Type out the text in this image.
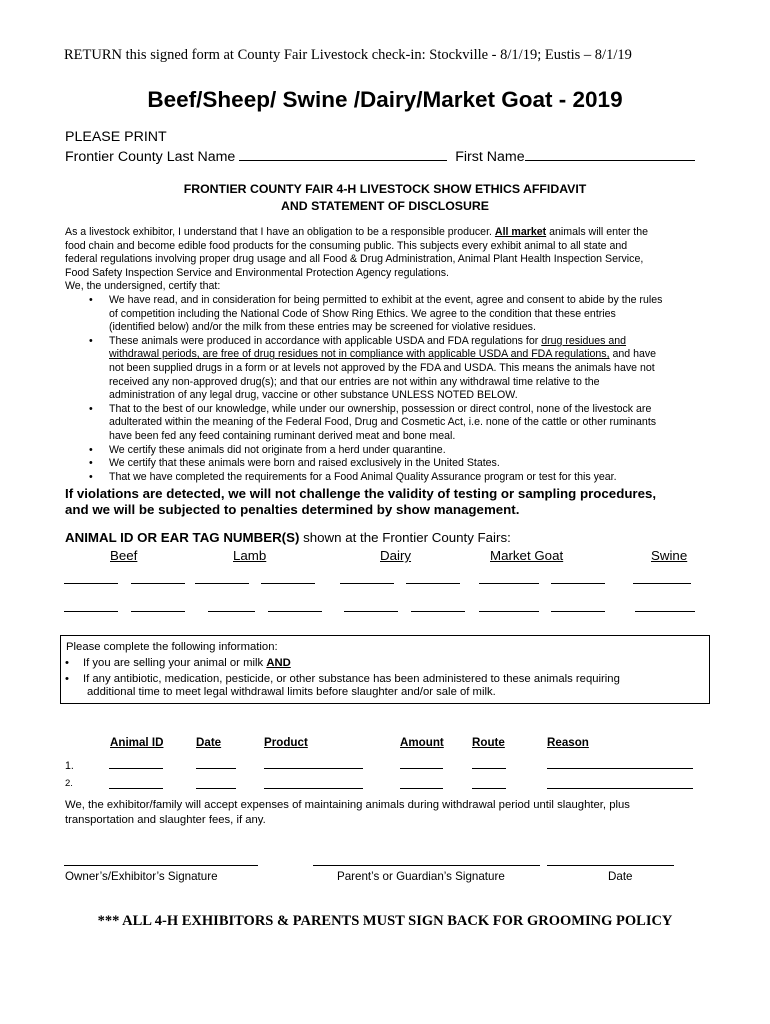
RETURN this signed form at County Fair Livestock check-in: Stockville - 8/1/19; Eustis – 8/1/19
Beef/Sheep/ Swine /Dairy/Market Goat - 2019
PLEASE PRINT
Frontier County Last Name	First Name
FRONTIER COUNTY FAIR 4-H LIVESTOCK SHOW ETHICS AFFIDAVIT
AND STATEMENT OF DISCLOSURE
As a livestock exhibitor, I understand that I have an obligation to be a responsible producer. All market animals will enter the
food chain and become edible food products for the consuming public. This subjects every exhibit animal to all state and
federal regulations involving proper drug usage and all Food & Drug Administration, Animal Plant Health Inspection Service,
Food Safety Inspection Service and Environmental Protection Agency regulations.
We, the undersigned, certify that:
• We have read, and in consideration for being permitted to exhibit at the event, agree and consent to abide by the rules
of competition including the National Code of Show Ring Ethics. We agree to the condition that these entries
(identified below) and/or the milk from these entries may be screened for violative residues.
• These animals were produced in accordance with applicable USDA and FDA regulations for drug residues and
withdrawal periods, are free of drug residues not in compliance with applicable USDA and FDA regulations, and have
not been supplied drugs in a form or at levels not approved by the FDA and USDA. This means the animals have not
received any non-approved drug(s); and that our entries are not within any withdrawal time relative to the
administration of any legal drug, vaccine or other substance UNLESS NOTED BELOW.
• That to the best of our knowledge, while under our ownership, possession or direct control, none of the livestock are
adulterated within the meaning of the Federal Food, Drug and Cosmetic Act, i.e. none of the cattle or other ruminants
have been fed any feed containing ruminant derived meat and bone meal.
• We certify these animals did not originate from a herd under quarantine.
• We certify that these animals were born and raised exclusively in the United States.
• That we have completed the requirements for a Food Animal Quality Assurance program or test for this year.
If violations are detected, we will not challenge the validity of testing or sampling procedures,
and we will be subjected to penalties determined by show management.
ANIMAL ID OR EAR TAG NUMBER(S) shown at the Frontier County Fairs:
Beef	Lamb	Dairy	Market Goat	Swine
Please complete the following information:
• If you are selling your animal or milk AND
• If any antibiotic, medication, pesticide, or other substance has been administered to these animals requiring
additional time to meet legal withdrawal limits before slaughter and/or sale of milk.
Animal ID	Date	Product	Amount Route	Reason
1.
2.
We, the exhibitor/family will accept expenses of maintaining animals during withdrawal period until slaughter, plus
transportation and slaughter fees, if any.
Owner’s/Exhibitor’s Signature	Parent’s or Guardian’s Signature	Date
*** ALL 4-H EXHIBITORS & PARENTS MUST SIGN BACK FOR GROOMING POLICY
